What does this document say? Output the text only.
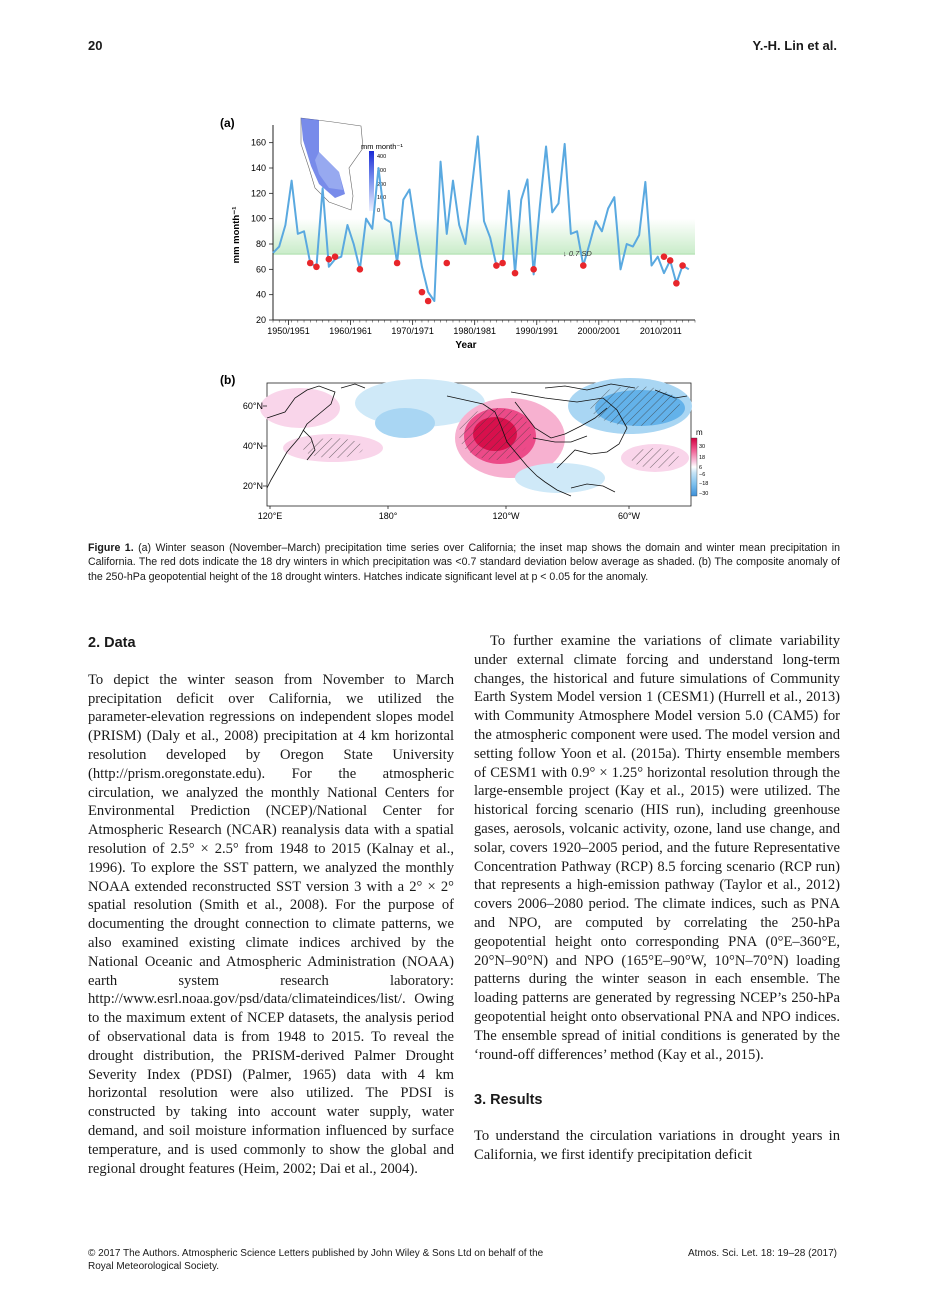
20	Y.-H. Lin et al.
(a)
mm month⁻¹
400
300
200
100
0
20
40
60
80
100
120
140
160
1950/1951 1960/1961 1970/1971 1980/1981 1990/1991 2000/2001 2010/2011
mm month⁻¹
Year
↓ 0.7 SD
(b)
60°N
40°N
20°N
120°E	180°	120°W	60°W
m
30
18
6
−6
−18
−30
Figure 1. (a) Winter season (November–March) precipitation time series over California; the inset map shows the domain and winter mean precipitation in California. The red dots indicate the 18 dry winters in which precipitation was <0.7 standard deviation below average as shaded. (b) The composite anomaly of the 250-hPa geopotential height of the 18 drought winters. Hatches indicate significant level at p < 0.05 for the anomaly.
2. Data

To depict the winter season from November to March precipitation deficit over California, we utilized the parameter-elevation regressions on independent slopes model (PRISM) (Daly et al., 2008) precipitation at 4 km horizontal resolution developed by Oregon State University (http://prism.oregonstate.edu). For the atmospheric circulation, we analyzed the monthly National Centers for Environmental Prediction (NCEP)/National Center for Atmospheric Research (NCAR) reanalysis data with a spatial resolution of 2.5° × 2.5° from 1948 to 2015 (Kalnay et al., 1996). To explore the SST pattern, we analyzed the monthly NOAA extended reconstructed SST version 3 with a 2° × 2° spatial resolution (Smith et al., 2008). For the purpose of documenting the drought connection to climate patterns, we also examined existing climate indices archived by the National Oceanic and Atmospheric Administration (NOAA) earth system research laboratory: http://www.esrl.noaa.gov/psd/data/climateindices/list/. Owing to the maximum extent of NCEP datasets, the analysis period of observational data is from 1948 to 2015. To reveal the drought distribution, the PRISM-derived Palmer Drought Severity Index (PDSI) (Palmer, 1965) data with 4 km horizontal resolution were also utilized. The PDSI is constructed by taking into account water supply, water demand, and soil moisture information influenced by surface temperature, and is used commonly to show the global and regional drought features (Heim, 2002; Dai et al., 2004).

To further examine the variations of climate variability under external climate forcing and understand long-term changes, the historical and future simulations of Community Earth System Model version 1 (CESM1) (Hurrell et al., 2013) with Community Atmosphere Model version 5.0 (CAM5) for the atmospheric component were used. The model version and setting follow Yoon et al. (2015a). Thirty ensemble members of CESM1 with 0.9° × 1.25° horizontal resolution through the large-ensemble project (Kay et al., 2015) were utilized. The historical forcing scenario (HIS run), including greenhouse gases, aerosols, volcanic activity, ozone, land use change, and solar, covers 1920–2005 period, and the future Representative Concentration Pathway (RCP) 8.5 forcing scenario (RCP run) that represents a high-emission pathway (Taylor et al., 2012) covers 2006–2080 period. The climate indices, such as PNA and NPO, are computed by correlating the 250-hPa geopotential height onto corresponding PNA (0°E–360°E, 20°N–90°N) and NPO (165°E–90°W, 10°N–70°N) loading patterns during the winter season in each ensemble. The loading patterns are generated by regressing NCEP’s 250-hPa geopotential height onto observational PNA and NPO indices. The ensemble spread of initial conditions is generated by the ‘round-off differences’ method (Kay et al., 2015).

3. Results

To understand the circulation variations in drought years in California, we first identify precipitation deficit

© 2017 The Authors. Atmospheric Science Letters published by John Wiley & Sons Ltd on behalf of the Royal Meteorological Society.
Atmos. Sci. Let. 18: 19–28 (2017)
